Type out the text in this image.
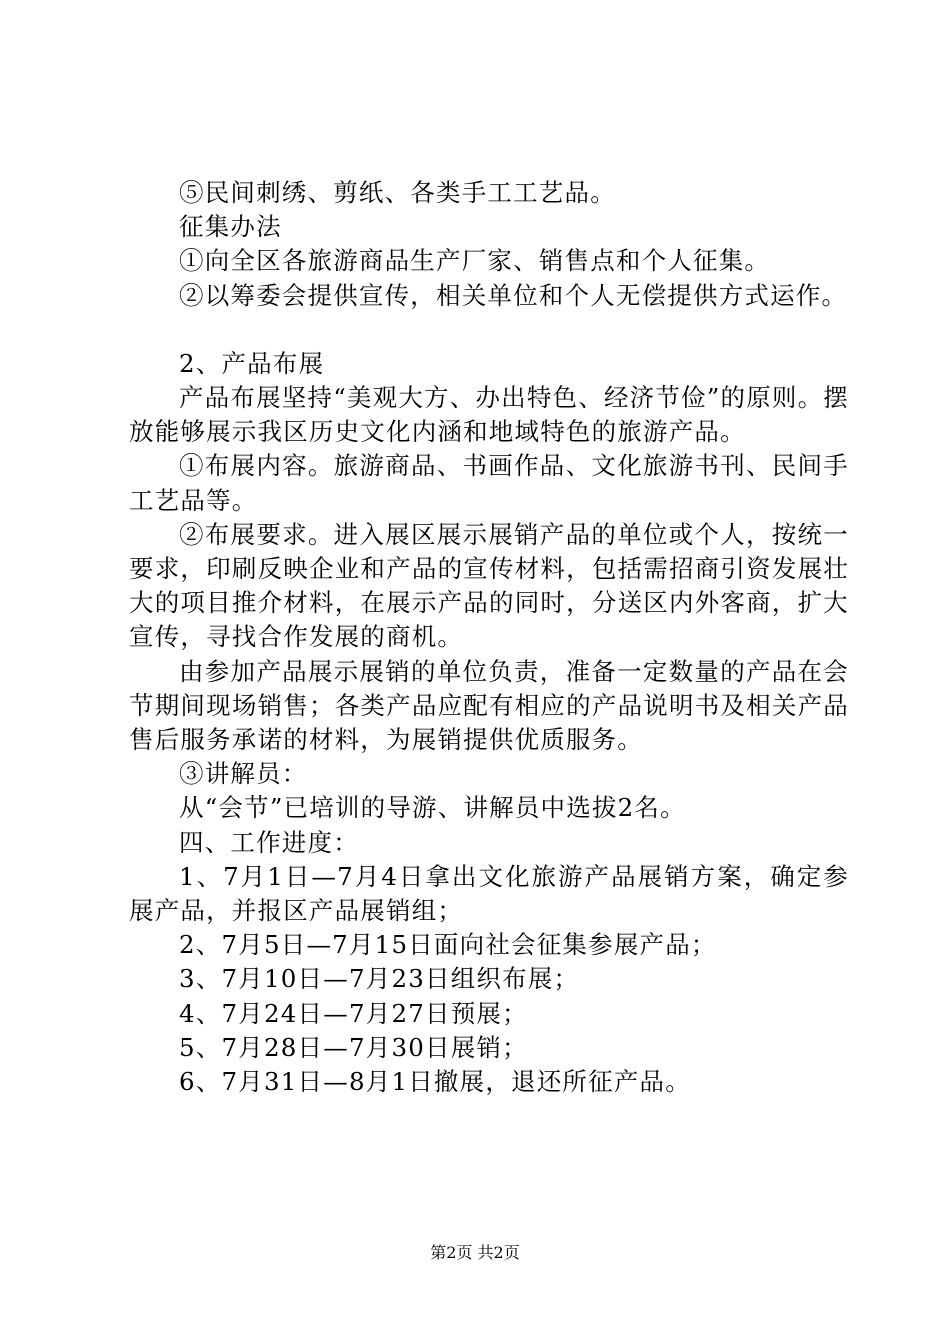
⑤民间刺绣、剪纸、各类手工工艺品。

征集办法

①向全区各旅游商品生产厂家、销售点和个人征集。

②以筹委会提供宣传，相关单位和个人无偿提供方式运作。

2、产品布展

产品布展坚持“美观大方、办出特色、经济节俭”的原则。摆放能够展示我区历史文化内涵和地域特色的旅游产品。

①布展内容。旅游商品、书画作品、文化旅游书刊、民间手工艺品等。

②布展要求。进入展区展示展销产品的单位或个人，按统一要求，印刷反映企业和产品的宣传材料，包括需招商引资发展壮大的项目推介材料，在展示产品的同时，分送区内外客商，扩大宣传，寻找合作发展的商机。

由参加产品展示展销的单位负责，准备一定数量的产品在会节期间现场销售；各类产品应配有相应的产品说明书及相关产品售后服务承诺的材料，为展销提供优质服务。

③讲解员：

从“会节”已培训的导游、讲解员中选拔2名。

四、工作进度：

1、7月1日—7月4日拿出文化旅游产品展销方案，确定参展产品，并报区产品展销组；

2、7月5日—7月15日面向社会征集参展产品；

3、7月10日—7月23日组织布展；

4、7月24日—7月27日预展；

5、7月28日—7月30日展销；

6、7月31日—8月1日撤展，退还所征产品。

第2页 共2页
